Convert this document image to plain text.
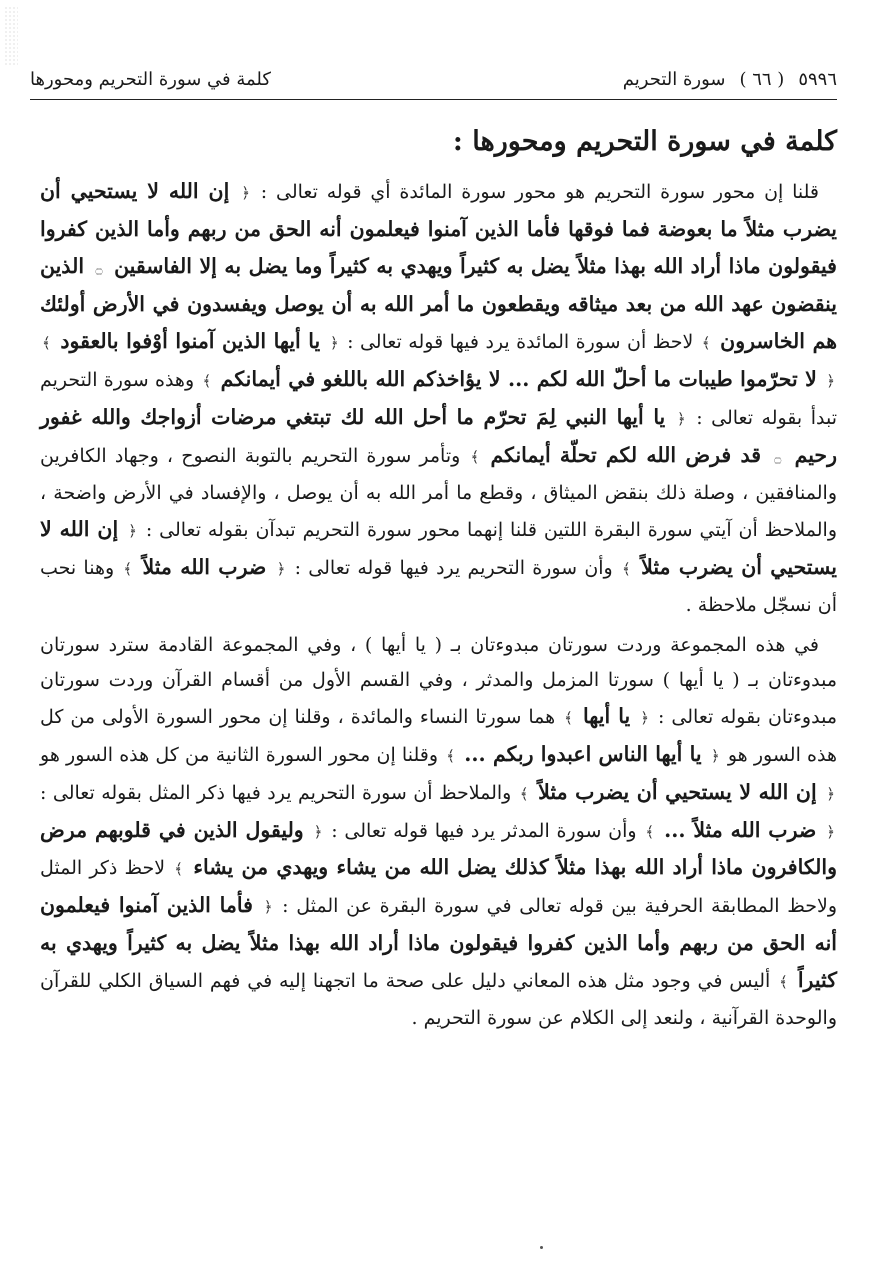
٥٩٩٦
( ٦٦ )
سورة التحريم
كلمة في سورة التحريم ومحورها
كلمة في سورة التحريم ومحورها :

قلنا إن محور سورة التحريم هو محور سورة المائدة أي قوله تعالى : ﴿ إن الله لا يستحيي أن يضرب مثلاً ما بعوضة فما فوقها فأما الذين آمنوا فيعلمون أنه الحق من ربهم وأما الذين كفروا فيقولون ماذا أراد الله بهذا مثلاً يضل به كثيراً ويهدي به كثيراً وما يضل به إلا الفاسقين ۝ الذين ينقضون عهد الله من بعد ميثاقه ويقطعون ما أمر الله به أن يوصل ويفسدون في الأرض أولئك هم الخاسرون ﴾ لاحظ أن سورة المائدة يرد فيها قوله تعالى : ﴿ يا أيها الذين آمنوا أوْفوا بالعقود ﴾ ﴿ لا تحرّموا طيبات ما أحلّ الله لكم ... لا يؤاخذكم الله باللغو في أيمانكم ﴾ وهذه سورة التحريم تبدأ بقوله تعالى : ﴿ يا أيها النبي لِمَ تحرّم ما أحل الله لك تبتغي مرضات أزواجك والله غفور رحيم ۝ قد فرض الله لكم تحلّة أيمانكم ﴾ وتأمر سورة التحريم بالتوبة النصوح ، وجهاد الكافرين والمنافقين ، وصلة ذلك بنقض الميثاق ، وقطع ما أمر الله به أن يوصل ، والإفساد في الأرض واضحة ، والملاحظ أن آيتي سورة البقرة اللتين قلنا إنهما محور سورة التحريم تبدآن بقوله تعالى : ﴿ إن الله لا يستحيي أن يضرب مثلاً ﴾ وأن سورة التحريم يرد فيها قوله تعالى : ﴿ ضرب الله مثلاً ﴾ وهنا نحب أن نسجّل ملاحظة .

في هذه المجموعة وردت سورتان مبدوءتان بـ ( يا أيها ) ، وفي المجموعة القادمة سترد سورتان مبدوءتان بـ ( يا أيها ) سورتا المزمل والمدثر ، وفي القسم الأول من أقسام القرآن وردت سورتان مبدوءتان بقوله تعالى : ﴿ يا أيها ﴾ هما سورتا النساء والمائدة ، وقلنا إن محور السورة الأولى من كل هذه السور هو ﴿ يا أيها الناس اعبدوا ربكم ... ﴾ وقلنا إن محور السورة الثانية من كل هذه السور هو ﴿ إن الله لا يستحيي أن يضرب مثلاً ﴾ والملاحظ أن سورة التحريم يرد فيها ذكر المثل بقوله تعالى : ﴿ ضرب الله مثلاً ... ﴾ وأن سورة المدثر يرد فيها قوله تعالى : ﴿ وليقول الذين في قلوبهم مرض والكافرون ماذا أراد الله بهذا مثلاً كذلك يضل الله من يشاء ويهدي من يشاء ﴾ لاحظ ذكر المثل ولاحظ المطابقة الحرفية بين قوله تعالى في سورة البقرة عن المثل : ﴿ فأما الذين آمنوا فيعلمون أنه الحق من ربهم وأما الذين كفروا فيقولون ماذا أراد الله بهذا مثلاً يضل به كثيراً ويهدي به كثيراً ﴾ أليس في وجود مثل هذه المعاني دليل على صحة ما اتجهنا إليه في فهم السياق الكلي للقرآن والوحدة القرآنية ، ولنعد إلى الكلام عن سورة التحريم .
